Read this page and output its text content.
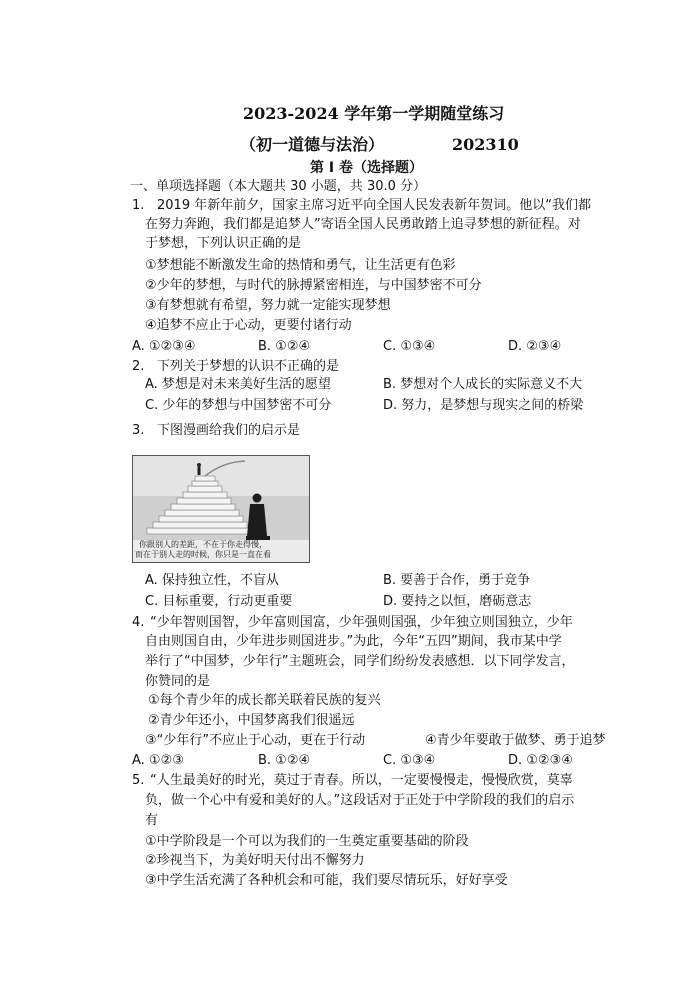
2023-2024 学年第一学期随堂练习
（初一道德与法治）	202310
第 I 卷（选择题）
一、单项选择题（本大题共 30 小题，共 30.0 分）
1. 2019 年新年前夕，国家主席习近平向全国人民发表新年贺词。他以“我们都
在努力奔跑，我们都是追梦人”寄语全国人民勇敢踏上追寻梦想的新征程。对
于梦想，下列认识正确的是
①梦想能不断激发生命的热情和勇气，让生活更有色彩
②少年的梦想，与时代的脉搏紧密相连，与中国梦密不可分
③有梦想就有希望，努力就一定能实现梦想
④追梦不应止于心动，更要付诸行动
A. ①②③④	B. ①②④	C. ①③④	D. ②③④
2. 下列关于梦想的认识不正确的是
A. 梦想是对未来美好生活的愿望	B. 梦想对个人成长的实际意义不大
C. 少年的梦想与中国梦密不可分	D. 努力，是梦想与现实之间的桥梁
3. 下图漫画给我们的启示是
你跟别人的差距，不在于你走得慢，
而在于别人走的时候，你只是一直在看
A. 保持独立性，不盲从	B. 要善于合作，勇于竞争
C. 目标重要，行动更重要	D. 要持之以恒，磨砺意志
4. “少年智则国智，少年富则国富，少年强则国强，少年独立则国独立，少年
自由则国自由，少年进步则国进步。”为此，今年“五四”期间，我市某中学
举行了“中国梦，少年行”主题班会，同学们纷纷发表感想．以下同学发言，
你赞同的是
①每个青少年的成长都关联着民族的复兴
②青少年还小，中国梦离我们很遥远
③“少年行”不应止于心动，更在于行动	④青少年要敢于做梦、勇于追梦
A. ①②③	B. ①②④	C. ①③④	D. ①②③④
5. “人生最美好的时光，莫过于青春。所以，一定要慢慢走，慢慢欣赏，莫辜
负，做一个心中有爱和美好的人。”这段话对于正处于中学阶段的我们的启示
有
①中学阶段是一个可以为我们的一生奠定重要基础的阶段
②珍视当下，为美好明天付出不懈努力
③中学生活充满了各种机会和可能，我们要尽情玩乐，好好享受
